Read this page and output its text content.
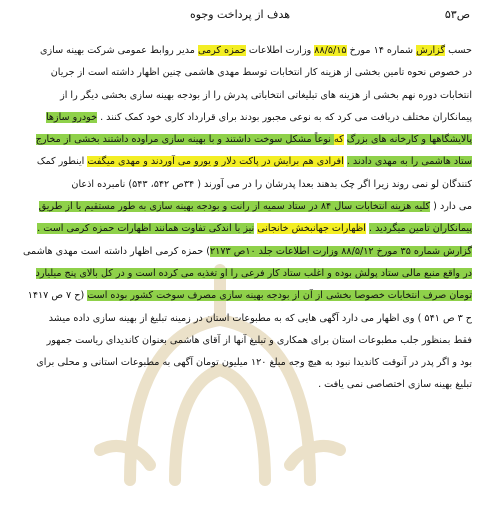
ص۵۳
هدف از پرداخت وجوه
حسب گزارش شماره ۱۴ مورخ ۸۸/۵/۱۵ وزارت اطلاعات حمزه کرمی مدیر روابط عمومی شرکت بهینه سازی
در خصوص نحوه تامین بخشی از هزینه کار انتخابات توسط مهدی هاشمی چنین اظهار داشته است از جریان
انتخابات دوره نهم بخشی از هزینه های تبلیغاتی انتخاباتی پدرش را از بودجه بهینه سازی بخشی دیگر را از
پیمانکاران مختلف دریافت می کرد که به نوعی مجبور بودند برای قرارداد کاری خود کمک کنند . خودرو سازها
پالایشگاهها و کارخانه های بزرگ که نوعاً مشکل سوخت داشتند و با بهینه سازی مراوده داشتند بخشی از مخارج
ستاد هاشمی را به مهدی دادند . افرادی هم برایش در پاکت دلار و یورو می آوردند و مهدی میگفت اینطور کمک
کنندگان لو نمی روند زیرا اگر چک بدهند بعدا پدرشان را در می آورند ( ۳۴ص ۵۴۲، ۵۴۳) نامبرده اذعان
می دارد ( کلیه هزینه انتخابات سال ۸۴ در ستاد سمیه از رانت و بودجه بهینه سازی به طور مستقیم یا از طریق
پیمانکاران تامین میگردید . اظهارات جهانبخش خانجانی نیز با اندکی تفاوت همانند اظهارات حمزه کرمی است .
گزارش شماره ۳۵ مورخ ۸۸/۵/۱۲ وزارت اطلاعات جلد ۱۰ص ۲۱۷۳) حمزه کرمی اظهار داشته است مهدی هاشمی
در واقع منبع مالی ستاد پولش بوده و اغلب ستاد کار فرعی را او تغذیه می کرده است و در کل بالای پنج میلیارد
تومان صرف انتخابات خصوصا بخشی از آن از بودجه بهینه سازی مصرف سوخت کشور بوده است (ح ۷ ص ۱۴۱۷
ح ۳ ص ۵۴۱ ) وی اظهار می دارد آگهی هایی که به مطبوعات استان در زمینه تبلیغ از بهینه سازی داده میشد
فقط بمنظور جلب مطبوعات استان برای همکاری و تبلیغ آنها از آقای هاشمی بعنوان کاندیدای ریاست جمهور
بود و اگر پدر در آنوقت کاندیدا نبود به هیچ وجه مبلغ ۱۲۰ میلیون تومان آگهی به مطبوعات استانی و محلی برای
تبلیغ بهینه سازی اختصاصی نمی یافت .
